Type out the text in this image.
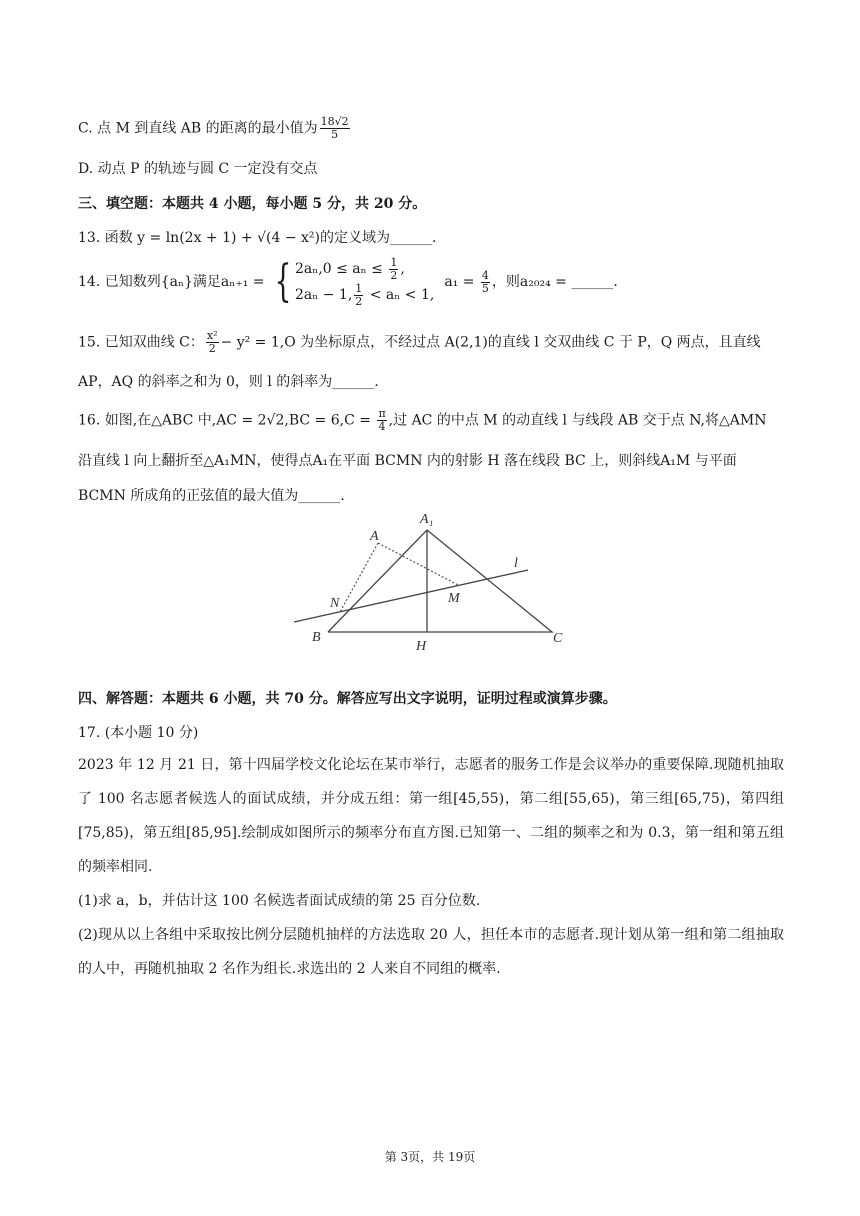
C. 点 M 到直线 AB 的距离的最小值为 $\frac{18√2}{5}$
D. 动点 P 的轨迹与圆 C 一定没有交点
三、填空题：本题共 4 小题，每小题 5 分，共 20 分。
13. 函数 y = ln(2x + 1) + √(4 − x²)的定义域为______.
14. 已知数列{aₙ}满足aₙ₊₁ = { $2a_n,0 \le a_n \le \frac{1}{2}$ ,
2aₙ − 1, $\frac{1}{2} < a_n < 1$,
$a_1 = \frac{4}{5}$ ，则a₂₀₂₄ = ______.
15. 已知双曲线 C： $\frac{\text{x²}}{2} - y^2 = 1,O$ 为坐标原点，不经过点 A(2,1)的直线 l 交双曲线 C 于 P，Q 两点，且直线
AP，AQ 的斜率之和为 0，则 l 的斜率为______.
16. 如图,在△ABC 中$,AC = 2√2,BC = 6,C = \frac{\pi}{4}$ ,过 AC 的中点 M 的动直线 l 与线段 AB 交于点 N,将△AMN
沿直线 l 向上翻折至△A₁MN，使得点A₁在平面 BCMN 内的射影 H 落在线段 BC 上，则斜线A₁M 与平面
BCMN 所成角的正弦值的最大值为______.
A₁
A
l
N	M
B
H
C
四、解答题：本题共 6 小题，共 70 分。解答应写出文字说明，证明过程或演算步骤。
17. (本小题 10 分)
2023 年 12 月 21 日，第十四届学校文化论坛在某市举行，志愿者的服务工作是会议举办的重要保障.现随机抽取了 100 名志愿者候选人的面试成绩，并分成五组：第一组[45,55)，第二组[55,65)，第三组[65,75)，第四组[75,85)，第五组[85,95].绘制成如图所示的频率分布直方图.已知第一、二组的频率之和为 0.3，第一组和第五组的频率相同.
(1)求 a，b，并估计这 100 名候选者面试成绩的第 25 百分位数.
(2)现从以上各组中采取按比例分层随机抽样的方法选取 20 人，担任本市的志愿者.现计划从第一组和第二组抽取的人中，再随机抽取 2 名作为组长.求选出的 2 人来自不同组的概率.
第 3页，共 19页
